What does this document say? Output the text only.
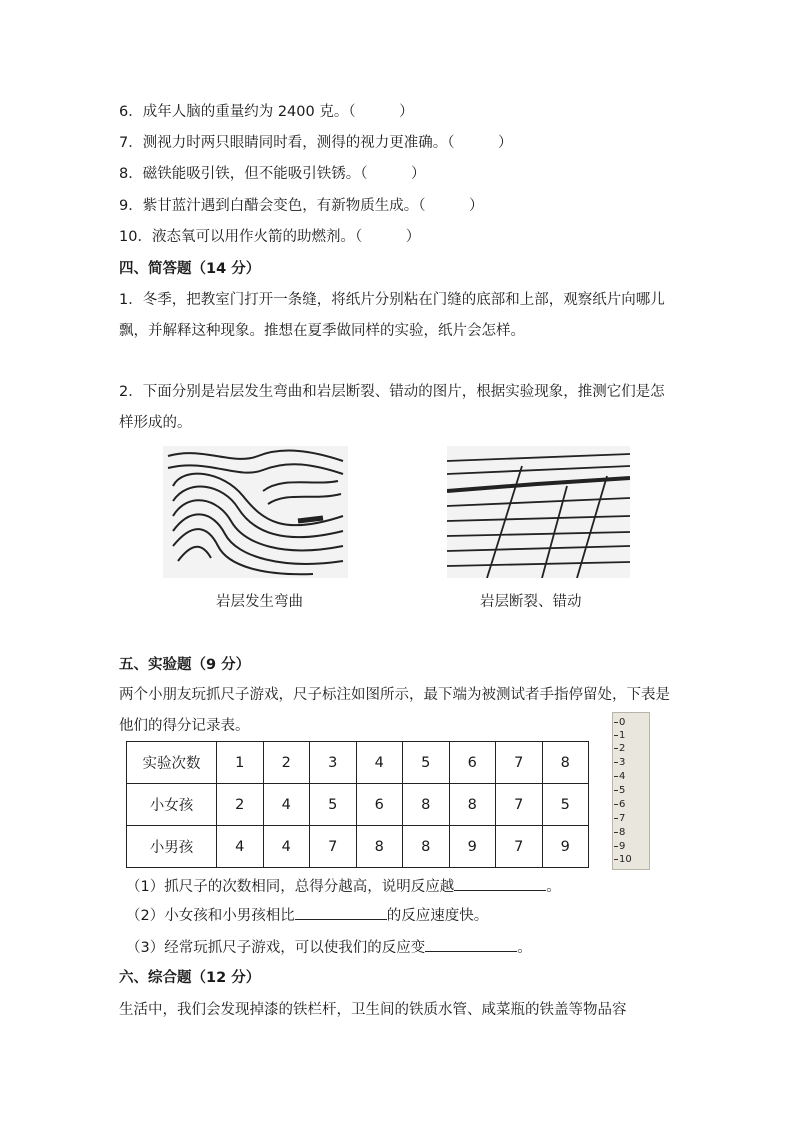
6．成年人脑的重量约为 2400 克。（　　　）
7．测视力时两只眼睛同时看，测得的视力更准确。（　　　）
8．磁铁能吸引铁，但不能吸引铁锈。（　　　）
9．紫甘蓝汁遇到白醋会变色，有新物质生成。（　　　）
10．液态氧可以用作火箭的助燃剂。（　　　）
四、简答题（14 分）
1．冬季，把教室门打开一条缝，将纸片分别粘在门缝的底部和上部，观察纸片向哪儿飘，并解释这种现象。推想在夏季做同样的实验，纸片会怎样。
2．下面分别是岩层发生弯曲和岩层断裂、错动的图片，根据实验现象，推测它们是怎样形成的。
岩层发生弯曲	岩层断裂、错动
五、实验题（9 分）
两个小朋友玩抓尺子游戏，尺子标注如图所示，最下端为被测试者手指停留处，下表是他们的得分记录表。
实验次数	1	2	3	4	5	6	7	8
小女孩	2	4	5	6	8	8	7	5
小男孩	4	4	7	8	8	9	7	9
0
1
2
3
4
5
6
7
8
9
10
（1）抓尺子的次数相同，总得分越高，说明反应越	。
（2）小女孩和小男孩相比	的反应速度快。
（3）经常玩抓尺子游戏，可以使我们的反应变	。
六、综合题（12 分）
生活中，我们会发现掉漆的铁栏杆，卫生间的铁质水管、咸菜瓶的铁盖等物品容
